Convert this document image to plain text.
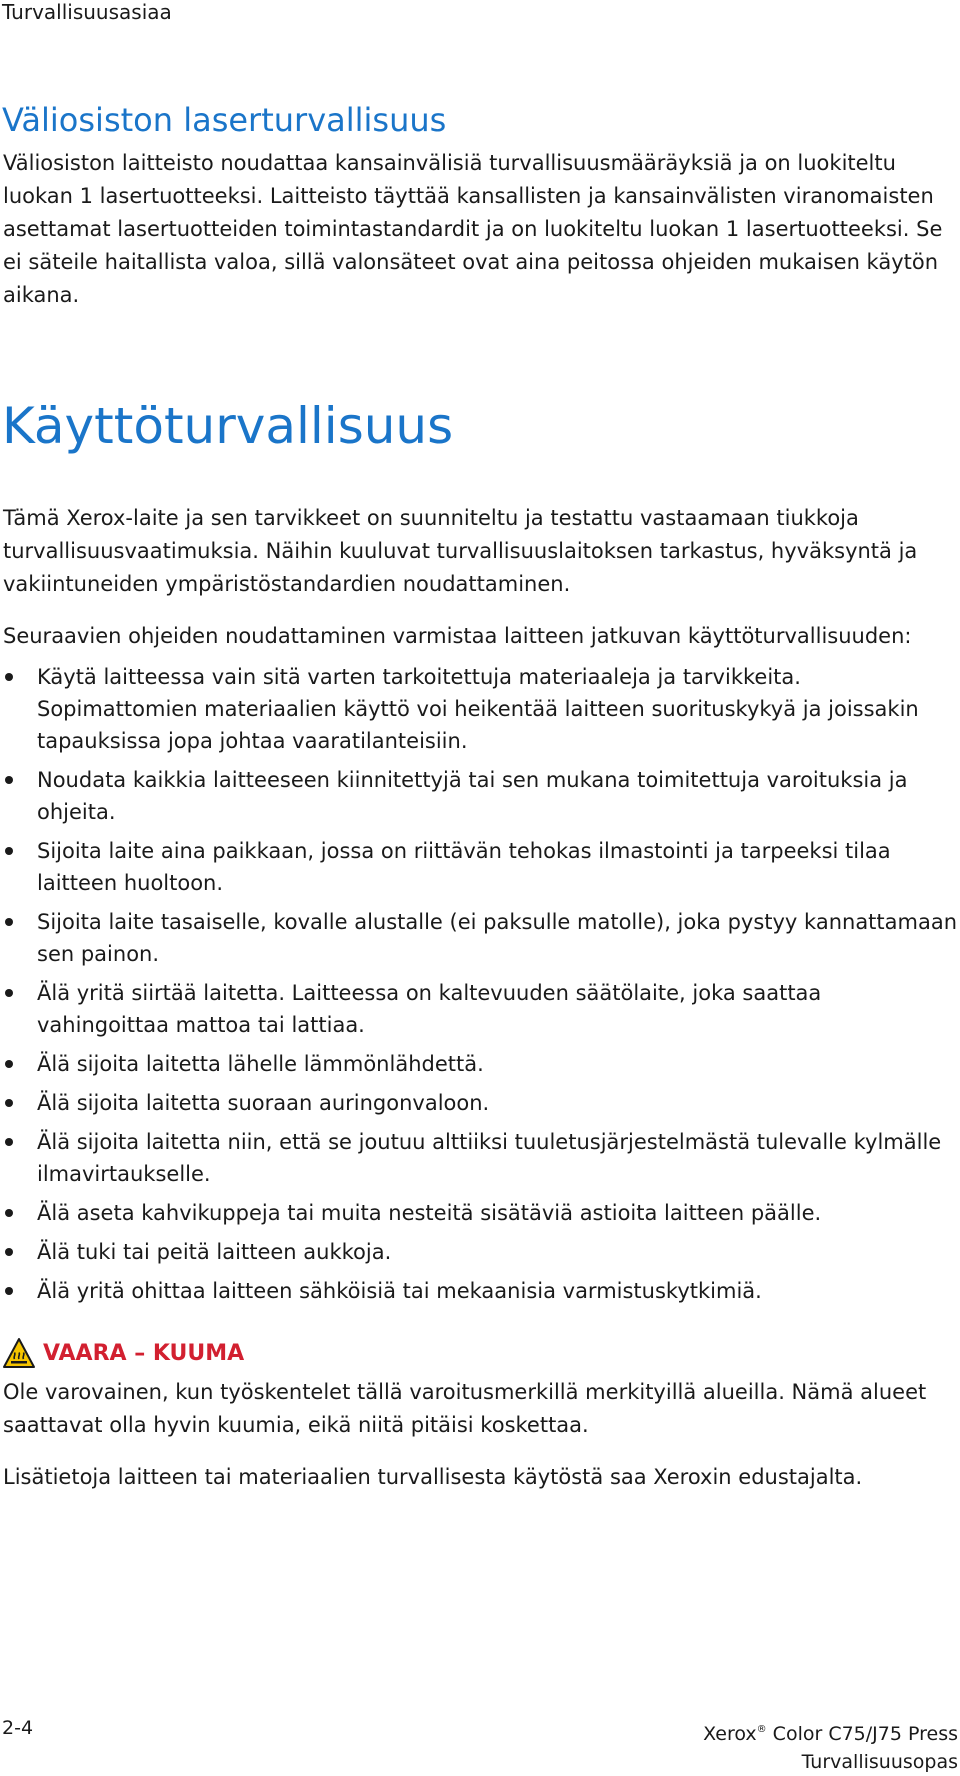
Turvallisuusasiaa
Väliosiston laserturvallisuus

Väliosiston laitteisto noudattaa kansainvälisiä turvallisuusmääräyksiä ja on luokiteltu luokan 1 lasertuotteeksi. Laitteisto täyttää kansallisten ja kansainvälisten viranomaisten asettamat lasertuotteiden toimintastandardit ja on luokiteltu luokan 1 lasertuotteeksi. Se ei säteile haitallista valoa, sillä valonsäteet ovat aina peitossa ohjeiden mukaisen käytön aikana.

Käyttöturvallisuus

Tämä Xerox-laite ja sen tarvikkeet on suunniteltu ja testattu vastaamaan tiukkoja turvallisuusvaatimuksia. Näihin kuuluvat turvallisuuslaitoksen tarkastus, hyväksyntä ja vakiintuneiden ympäristöstandardien noudattaminen.

Seuraavien ohjeiden noudattaminen varmistaa laitteen jatkuvan käyttöturvallisuuden:

Käytä laitteessa vain sitä varten tarkoitettuja materiaaleja ja tarvikkeita. Sopimattomien materiaalien käyttö voi heikentää laitteen suorituskykyä ja joissakin tapauksissa jopa johtaa vaaratilanteisiin.
Noudata kaikkia laitteeseen kiinnitettyjä tai sen mukana toimitettuja varoituksia ja ohjeita.
Sijoita laite aina paikkaan, jossa on riittävän tehokas ilmastointi ja tarpeeksi tilaa laitteen huoltoon.
Sijoita laite tasaiselle, kovalle alustalle (ei paksulle matolle), joka pystyy kannattamaan sen painon.
Älä yritä siirtää laitetta. Laitteessa on kaltevuuden säätölaite, joka saattaa vahingoittaa mattoa tai lattiaa.
Älä sijoita laitetta lähelle lämmönlähdettä.
Älä sijoita laitetta suoraan auringonvaloon.
Älä sijoita laitetta niin, että se joutuu alttiiksi tuuletusjärjestelmästä tulevalle kylmälle ilmavirtaukselle.
Älä aseta kahvikuppeja tai muita nesteitä sisätäviä astioita laitteen päälle.
Älä tuki tai peitä laitteen aukkoja.
Älä yritä ohittaa laitteen sähköisiä tai mekaanisia varmistuskytkimiä.
VAARA – KUUMA

Ole varovainen, kun työskentelet tällä varoitusmerkillä merkityillä alueilla. Nämä alueet saattavat olla hyvin kuumia, eikä niitä pitäisi koskettaa.

Lisätietoja laitteen tai materiaalien turvallisesta käytöstä saa Xeroxin edustajalta.

2-4	Xerox® Color C75/J75 Press
Turvallisuusopas
